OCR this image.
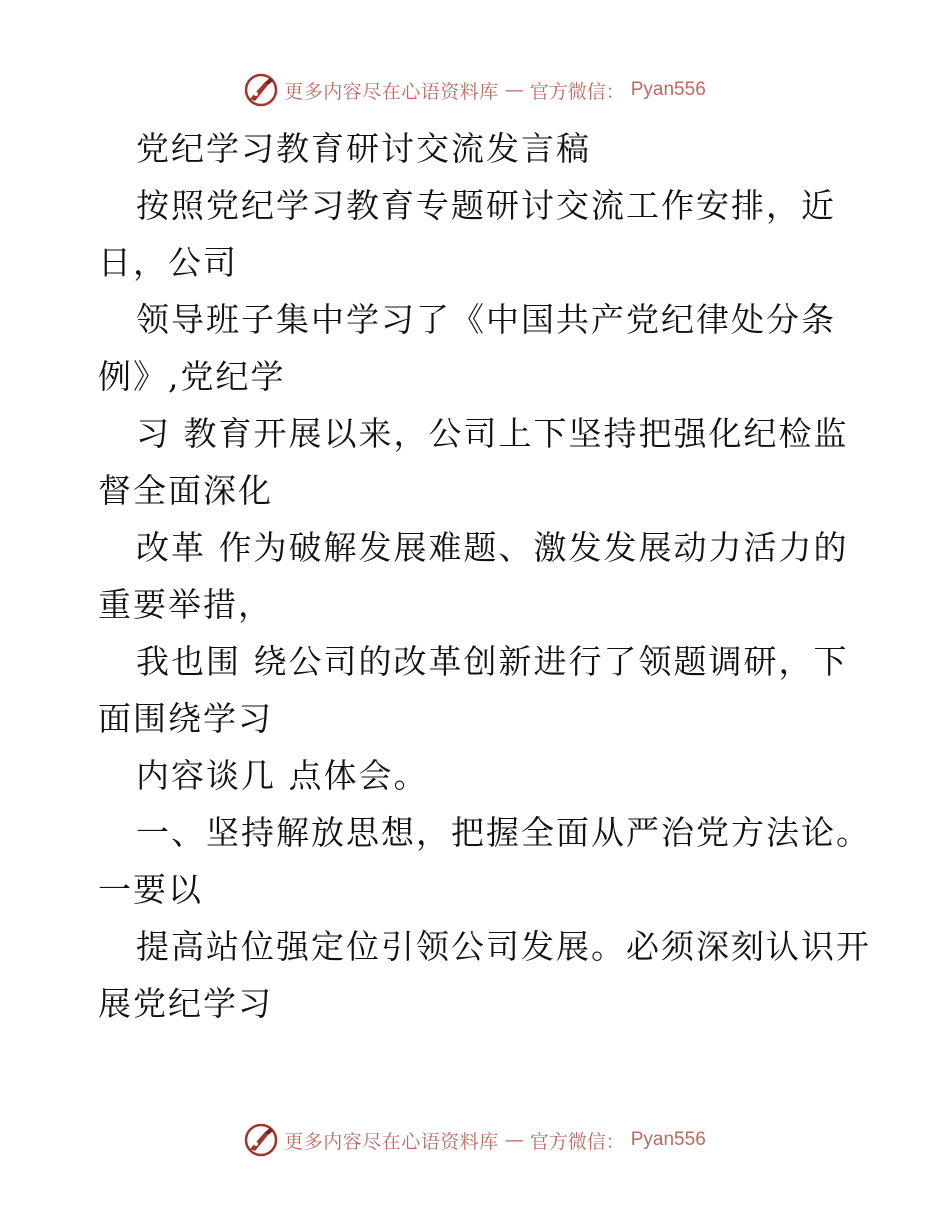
更多内容尽在心语资料库 — 官方微信： Pyan556

党纪学习教育研讨交流发言稿

按照党纪学习教育专题研讨交流工作安排，近
日，公司

领导班子集中学习了《中国共产党纪律处分条
例》,党纪学

习 教育开展以来，公司上下坚持把强化纪检监
督全面深化

改革 作为破解发展难题、激发发展动力活力的
重要举措，

我也围 绕公司的改革创新进行了领题调研，下
面围绕学习

内容谈几 点体会。

一、坚持解放思想，把握全面从严治党方法论。
一要以

提高站位强定位引领公司发展。必须深刻认识开
展党纪学习

更多内容尽在心语资料库 — 官方微信： Pyan556
